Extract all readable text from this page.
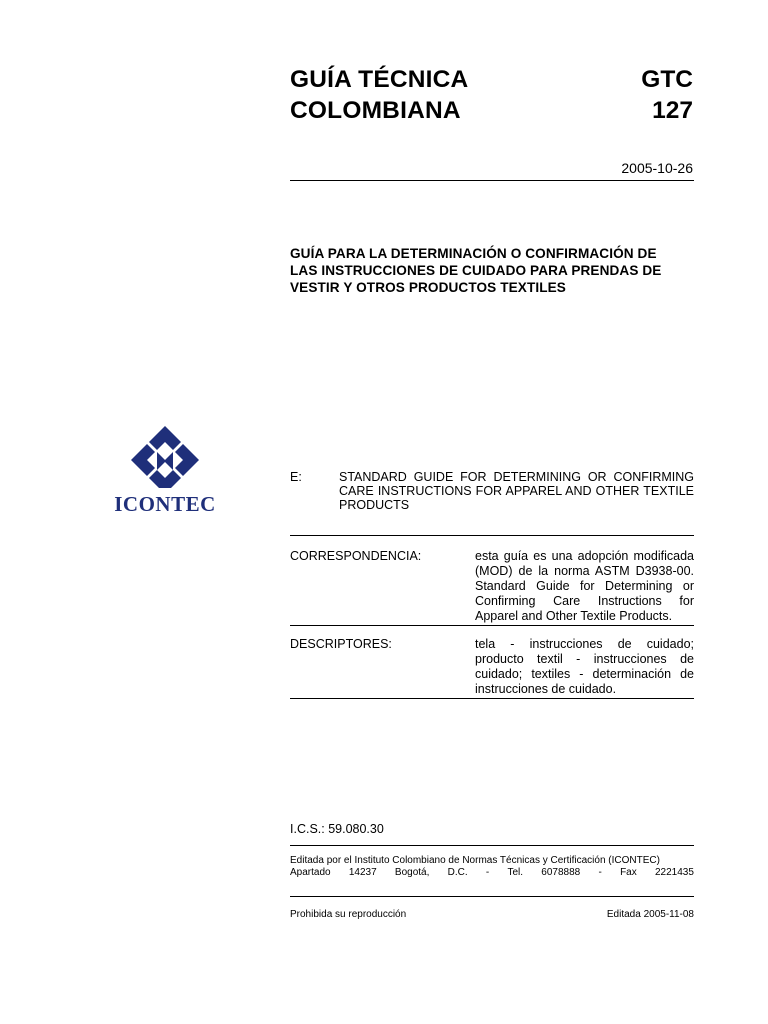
GUÍA TÉCNICA
COLOMBIANA
GTC
127
2005-10-26
GUÍA PARA LA DETERMINACIÓN O CONFIRMACIÓN DE
LAS INSTRUCCIONES DE CUIDADO PARA PRENDAS DE
VESTIR Y OTROS PRODUCTOS TEXTILES
ICONTEC
E:	STANDARD GUIDE FOR DETERMINING OR CONFIRMING CARE INSTRUCTIONS FOR APPAREL AND OTHER TEXTILE PRODUCTS
CORRESPONDENCIA:	esta guía es una adopción modificada (MOD) de la norma ASTM D3938-00. Standard Guide for Determining or Confirming Care Instructions for Apparel and Other Textile Products.
DESCRIPTORES:	tela - instrucciones de cuidado; producto textil - instrucciones de cuidado; textiles - determinación de instrucciones de cuidado.
I.C.S.: 59.080.30
Editada por el Instituto Colombiano de Normas Técnicas y Certificación (ICONTEC)
Apartado 14237 Bogotá, D.C. - Tel. 6078888 - Fax 2221435
Prohibida su reproducción	Editada 2005-11-08
